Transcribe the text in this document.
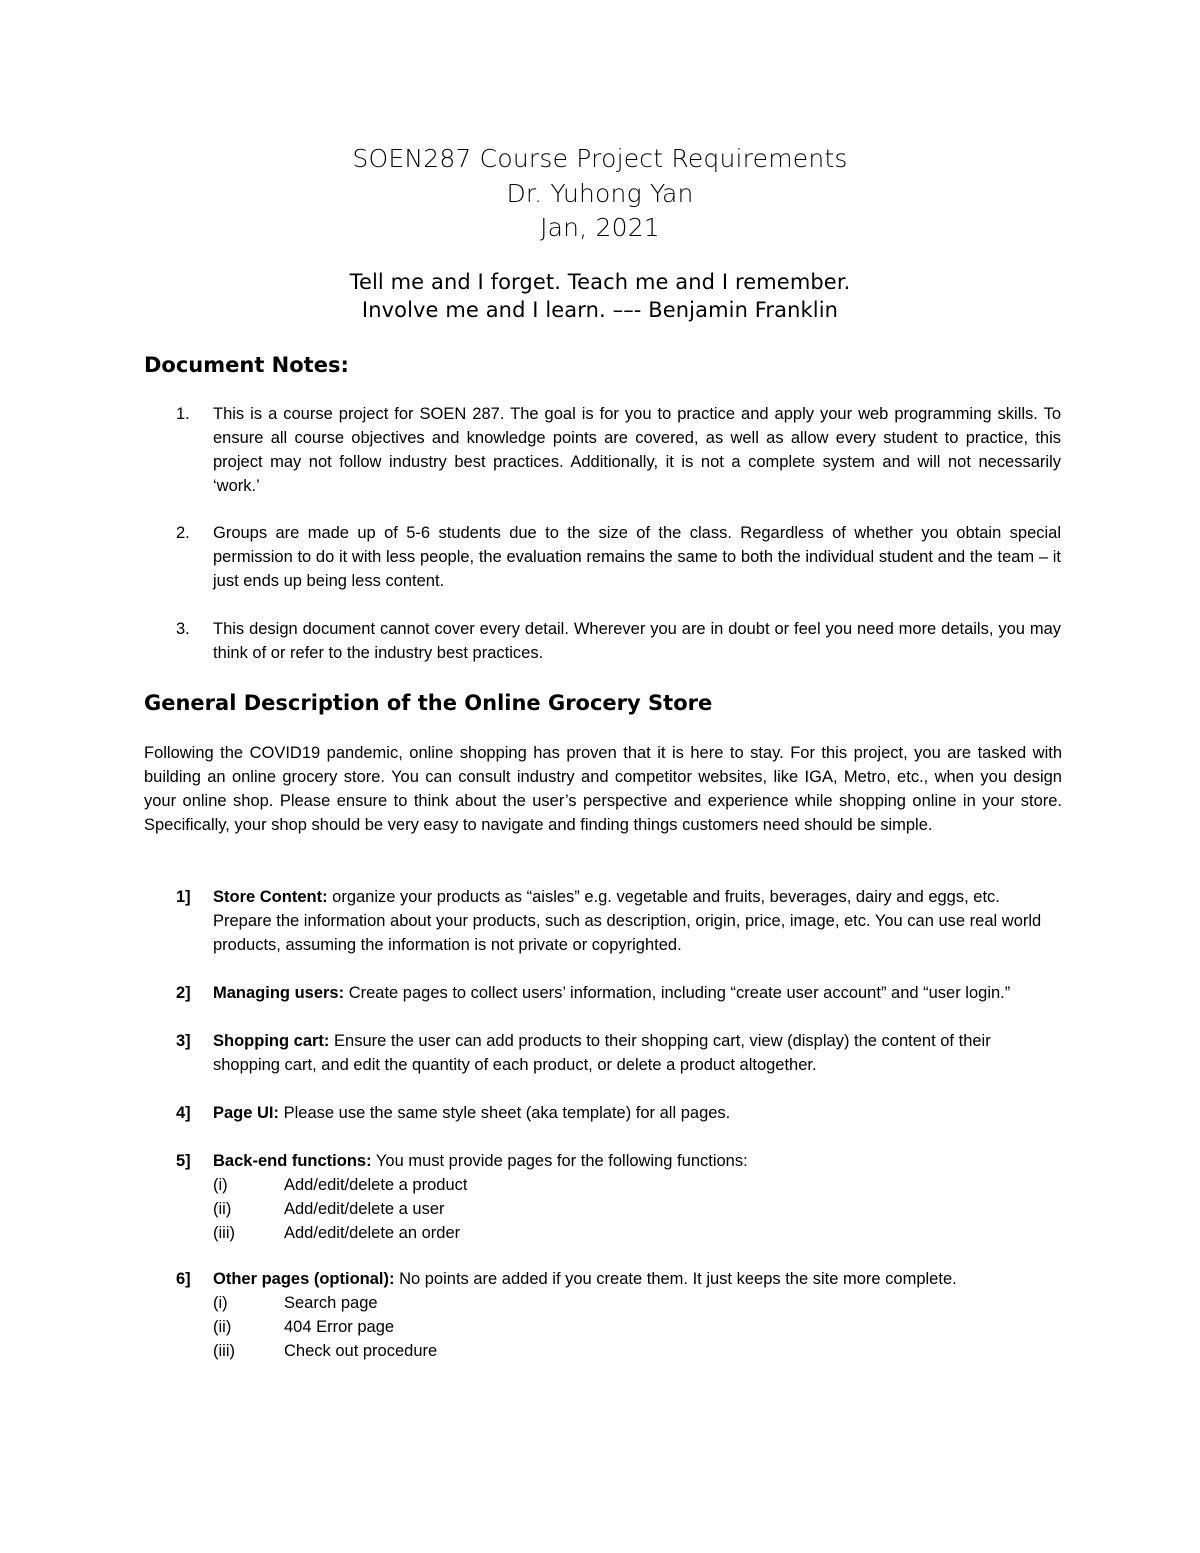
SOEN287 Course Project Requirements
Dr. Yuhong Yan
Jan, 2021
Tell me and I forget. Teach me and I remember.
Involve me and I learn. ––- Benjamin Franklin
Document Notes:
1.	This is a course project for SOEN 287. The goal is for you to practice and apply your web programming skills. To ensure all course objectives and knowledge points are covered, as well as allow every student to practice, this project may not follow industry best practices. Additionally, it is not a complete system and will not necessarily ‘work.’
2.	Groups are made up of 5-6 students due to the size of the class. Regardless of whether you obtain special permission to do it with less people, the evaluation remains the same to both the individual student and the team – it just ends up being less content.
3.	This design document cannot cover every detail. Wherever you are in doubt or feel you need more details, you may think of or refer to the industry best practices.
General Description of the Online Grocery Store
Following the COVID19 pandemic, online shopping has proven that it is here to stay. For this project, you are tasked with building an online grocery store. You can consult industry and competitor websites, like IGA, Metro, etc., when you design your online shop. Please ensure to think about the user’s perspective and experience while shopping online in your store. Specifically, your shop should be very easy to navigate and finding things customers need should be simple.
1]	Store Content: organize your products as “aisles” e.g. vegetable and fruits, beverages, dairy and eggs, etc. Prepare the information about your products, such as description, origin, price, image, etc. You can use real world products, assuming the information is not private or copyrighted.
2]	Managing users: Create pages to collect users’ information, including “create user account” and “user login.”
3]	Shopping cart: Ensure the user can add products to their shopping cart, view (display) the content of their shopping cart, and edit the quantity of each product, or delete a product altogether.
4]	Page UI: Please use the same style sheet (aka template) for all pages.
5]	Back-end functions: You must provide pages for the following functions:
(i)	Add/edit/delete a product
(ii)	Add/edit/delete a user
(iii)	Add/edit/delete an order
6]	Other pages (optional): No points are added if you create them. It just keeps the site more complete.
(i)	Search page
(ii)	404 Error page
(iii)	Check out procedure
